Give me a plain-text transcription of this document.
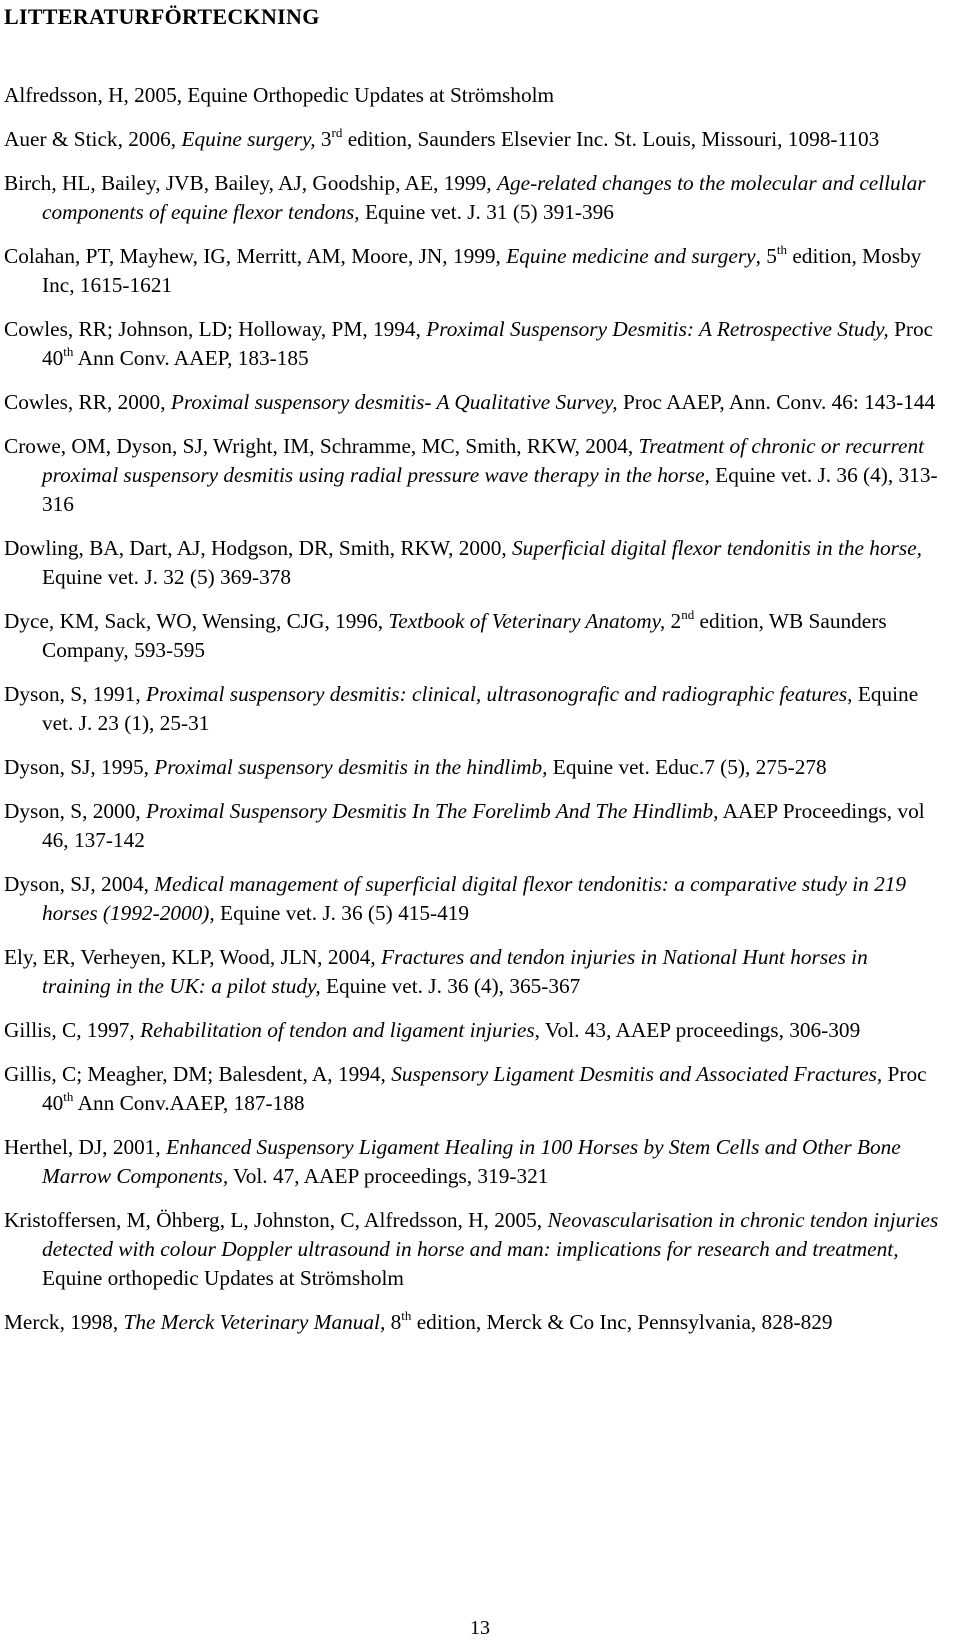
LITTERATURFÖRTECKNING

Alfredsson, H, 2005, Equine Orthopedic Updates at Strömsholm

Auer & Stick, 2006, Equine surgery, 3rd edition, Saunders Elsevier Inc. St. Louis, Missouri, 1098-1103

Birch, HL, Bailey, JVB, Bailey, AJ, Goodship, AE, 1999, Age-related changes to the molecular and cellular components of equine flexor tendons, Equine vet. J. 31 (5) 391-396

Colahan, PT, Mayhew, IG, Merritt, AM, Moore, JN, 1999, Equine medicine and surgery, 5th edition, Mosby Inc, 1615-1621

Cowles, RR; Johnson, LD; Holloway, PM, 1994, Proximal Suspensory Desmitis: A Retrospective Study, Proc 40th Ann Conv. AAEP, 183-185

Cowles, RR, 2000, Proximal suspensory desmitis- A Qualitative Survey, Proc AAEP, Ann. Conv. 46: 143-144

Crowe, OM, Dyson, SJ, Wright, IM, Schramme, MC, Smith, RKW, 2004, Treatment of chronic or recurrent proximal suspensory desmitis using radial pressure wave therapy in the horse, Equine vet. J. 36 (4), 313-316

Dowling, BA, Dart, AJ, Hodgson, DR, Smith, RKW, 2000, Superficial digital flexor tendonitis in the horse, Equine vet. J. 32 (5) 369-378

Dyce, KM, Sack, WO, Wensing, CJG, 1996, Textbook of Veterinary Anatomy, 2nd edition, WB Saunders Company, 593-595

Dyson, S, 1991, Proximal suspensory desmitis: clinical, ultrasonografic and radiographic features, Equine vet. J. 23 (1), 25-31

Dyson, SJ, 1995, Proximal suspensory desmitis in the hindlimb, Equine vet. Educ.7 (5), 275-278

Dyson, S, 2000, Proximal Suspensory Desmitis In The Forelimb And The Hindlimb, AAEP Proceedings, vol 46, 137-142

Dyson, SJ, 2004, Medical management of superficial digital flexor tendonitis: a comparative study in 219 horses (1992-2000), Equine vet. J. 36 (5) 415-419

Ely, ER, Verheyen, KLP, Wood, JLN, 2004, Fractures and tendon injuries in National Hunt horses in training in the UK: a pilot study, Equine vet. J. 36 (4), 365-367

Gillis, C, 1997, Rehabilitation of tendon and ligament injuries, Vol. 43, AAEP proceedings, 306-309

Gillis, C; Meagher, DM; Balesdent, A, 1994, Suspensory Ligament Desmitis and Associated Fractures, Proc 40th Ann Conv.AAEP, 187-188

Herthel, DJ, 2001, Enhanced Suspensory Ligament Healing in 100 Horses by Stem Cells and Other Bone Marrow Components, Vol. 47, AAEP proceedings, 319-321

Kristoffersen, M, Öhberg, L, Johnston, C, Alfredsson, H, 2005, Neovascularisation in chronic tendon injuries detected with colour Doppler ultrasound in horse and man: implications for research and treatment, Equine orthopedic Updates at Strömsholm

Merck, 1998, The Merck Veterinary Manual, 8th edition, Merck & Co Inc, Pennsylvania, 828-829

13
